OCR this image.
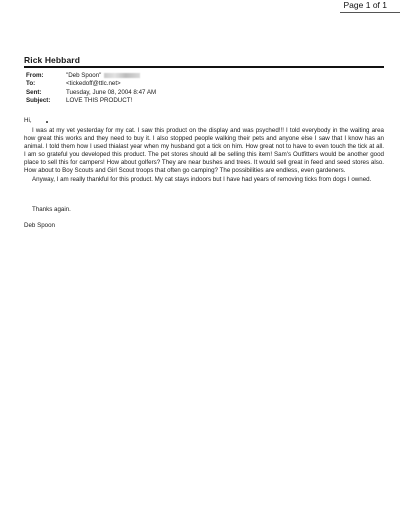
Page 1 of 1
Rick Hebbard
From:	"Deb Spoon"
To:	<tickedoff@ttlc.net>
Sent:	Tuesday, June 08, 2004 8:47 AM
Subject:	LOVE THIS PRODUCT!
Hi,

I was at my vet yesterday for my cat. I saw this product on the display and was psyched!!! I told everybody in the waiting area how great this works and they need to buy it. I also stopped people walking their pets and anyone else I saw that I know has an animal. I told them how I used thialast year when my husband got a tick on him. How great not to have to even touch the tick at all. I am so grateful you developed this product. The pet stores should all be selling this item! Sam's Outfitters would be another good place to sell this for campers! How about golfers? They are near bushes and trees. It would sell great in feed and seed stores also. How about to Boy Scouts and Girl Scout troops that often go camping? The possibilities are endless, even gardeners.

Anyway, I am really thankful for this product. My cat stays indoors but I have had years of removing ticks from dogs I owned.

Thanks again.
Deb Spoon
